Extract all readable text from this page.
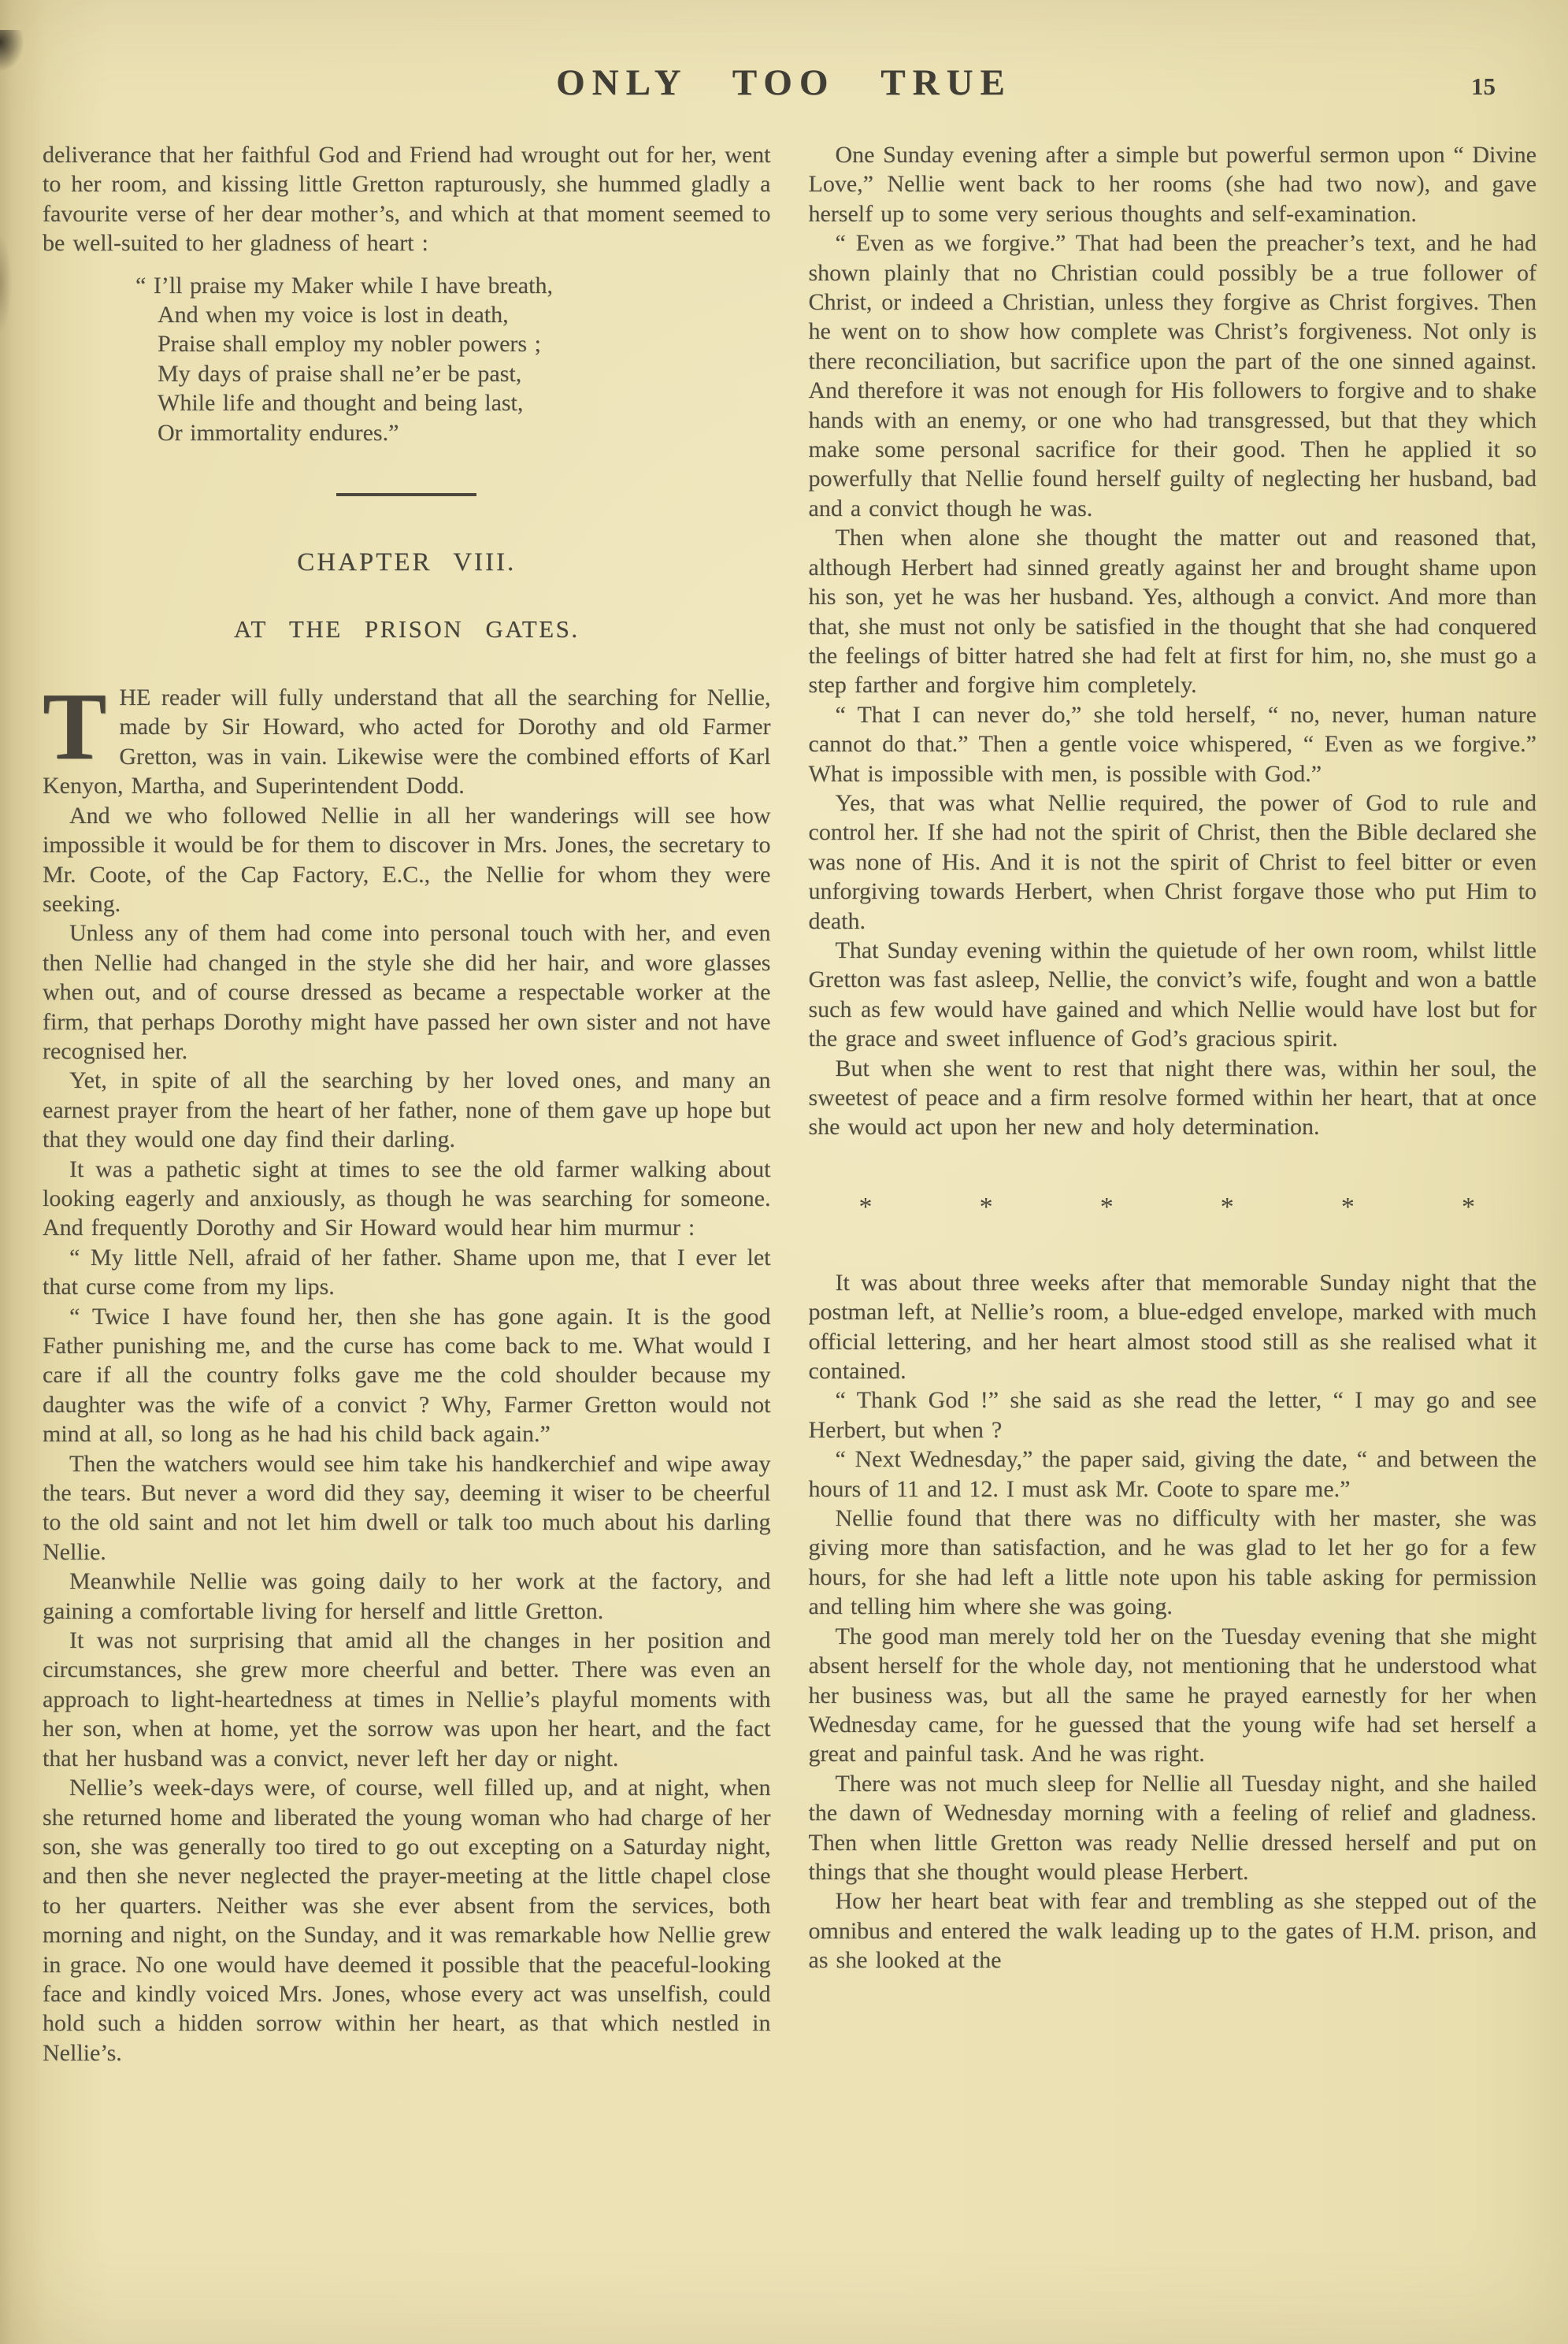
ONLY TOO TRUE	15

deliverance that her faithful God and Friend had wrought out for her, went to her room, and kissing little Gretton rapturously, she hummed gladly a favourite verse of her dear mother’s, and which at that moment seemed to be well-suited to her gladness of heart :

“ I’ll praise my Maker while I have breath,
And when my voice is lost in death,
Praise shall employ my nobler powers ;
My days of praise shall ne’er be past,
While life and thought and being last,
Or immortality endures.”
CHAPTER VIII.
AT THE PRISON GATES.

THE reader will fully understand that all the searching for Nellie, made by Sir Howard, who acted for Dorothy and old Farmer Gretton, was in vain. Likewise were the combined efforts of Karl Kenyon, Martha, and Superintendent Dodd.

And we who followed Nellie in all her wanderings will see how impossible it would be for them to discover in Mrs. Jones, the secretary to Mr. Coote, of the Cap Factory, E.C., the Nellie for whom they were seeking.

Unless any of them had come into personal touch with her, and even then Nellie had changed in the style she did her hair, and wore glasses when out, and of course dressed as became a respectable worker at the firm, that perhaps Dorothy might have passed her own sister and not have recognised her.

Yet, in spite of all the searching by her loved ones, and many an earnest prayer from the heart of her father, none of them gave up hope but that they would one day find their darling.

It was a pathetic sight at times to see the old farmer walking about looking eagerly and anxiously, as though he was searching for someone. And frequently Dorothy and Sir Howard would hear him murmur :

“ My little Nell, afraid of her father. Shame upon me, that I ever let that curse come from my lips.

“ Twice I have found her, then she has gone again. It is the good Father punishing me, and the curse has come back to me. What would I care if all the country folks gave me the cold shoulder because my daughter was the wife of a convict ? Why, Farmer Gretton would not mind at all, so long as he had his child back again.”

Then the watchers would see him take his handkerchief and wipe away the tears. But never a word did they say, deeming it wiser to be cheerful to the old saint and not let him dwell or talk too much about his darling Nellie.

Meanwhile Nellie was going daily to her work at the factory, and gaining a comfortable living for herself and little Gretton.

It was not surprising that amid all the changes in her position and circumstances, she grew more cheerful and better. There was even an approach to light-heartedness at times in Nellie’s playful moments with her son, when at home, yet the sorrow was upon her heart, and the fact that her husband was a convict, never left her day or night.

Nellie’s week-days were, of course, well filled up, and at night, when she returned home and liberated the young woman who had charge of her son, she was generally too tired to go out excepting on a Saturday night, and then she never neglected the prayer-meeting at the little chapel close to her quarters. Neither was she ever absent from the services, both morning and night, on the Sunday, and it was remarkable how Nellie grew in grace. No one would have deemed it possible that the peaceful-looking face and kindly voiced Mrs. Jones, whose every act was unselfish, could hold such a hidden sorrow within her heart, as that which nestled in Nellie’s.

One Sunday evening after a simple but powerful sermon upon “ Divine Love,” Nellie went back to her rooms (she had two now), and gave herself up to some very serious thoughts and self-examination.

“ Even as we forgive.” That had been the preacher’s text, and he had shown plainly that no Christian could possibly be a true follower of Christ, or indeed a Christian, unless they forgive as Christ forgives. Then he went on to show how complete was Christ’s forgiveness. Not only is there reconciliation, but sacrifice upon the part of the one sinned against. And therefore it was not enough for His followers to forgive and to shake hands with an enemy, or one who had transgressed, but that they which make some personal sacrifice for their good. Then he applied it so powerfully that Nellie found herself guilty of neglecting her husband, bad and a convict though he was.

Then when alone she thought the matter out and reasoned that, although Herbert had sinned greatly against her and brought shame upon his son, yet he was her husband. Yes, although a convict. And more than that, she must not only be satisfied in the thought that she had conquered the feelings of bitter hatred she had felt at first for him, no, she must go a step farther and forgive him completely.

“ That I can never do,” she told herself, “ no, never, human nature cannot do that.” Then a gentle voice whispered, “ Even as we forgive.” What is impossible with men, is possible with God.”

Yes, that was what Nellie required, the power of God to rule and control her. If she had not the spirit of Christ, then the Bible declared she was none of His. And it is not the spirit of Christ to feel bitter or even unforgiving towards Herbert, when Christ forgave those who put Him to death.

That Sunday evening within the quietude of her own room, whilst little Gretton was fast asleep, Nellie, the convict’s wife, fought and won a battle such as few would have gained and which Nellie would have lost but for the grace and sweet influence of God’s gracious spirit.

But when she went to rest that night there was, within her soul, the sweetest of peace and a firm resolve formed within her heart, that at once she would act upon her new and holy determination.

*	*	*	*	*	*

It was about three weeks after that memorable Sunday night that the postman left, at Nellie’s room, a blue-edged envelope, marked with much official lettering, and her heart almost stood still as she realised what it contained.

“ Thank God !” she said as she read the letter, “ I may go and see Herbert, but when ?

“ Next Wednesday,” the paper said, giving the date, “ and between the hours of 11 and 12. I must ask Mr. Coote to spare me.”

Nellie found that there was no difficulty with her master, she was giving more than satisfaction, and he was glad to let her go for a few hours, for she had left a little note upon his table asking for permission and telling him where she was going.

The good man merely told her on the Tuesday evening that she might absent herself for the whole day, not mentioning that he understood what her business was, but all the same he prayed earnestly for her when Wednesday came, for he guessed that the young wife had set herself a great and painful task. And he was right.

There was not much sleep for Nellie all Tuesday night, and she hailed the dawn of Wednesday morning with a feeling of relief and gladness. Then when little Gretton was ready Nellie dressed herself and put on things that she thought would please Herbert.

How her heart beat with fear and trembling as she stepped out of the omnibus and entered the walk leading up to the gates of H.M. prison, and as she looked at the
